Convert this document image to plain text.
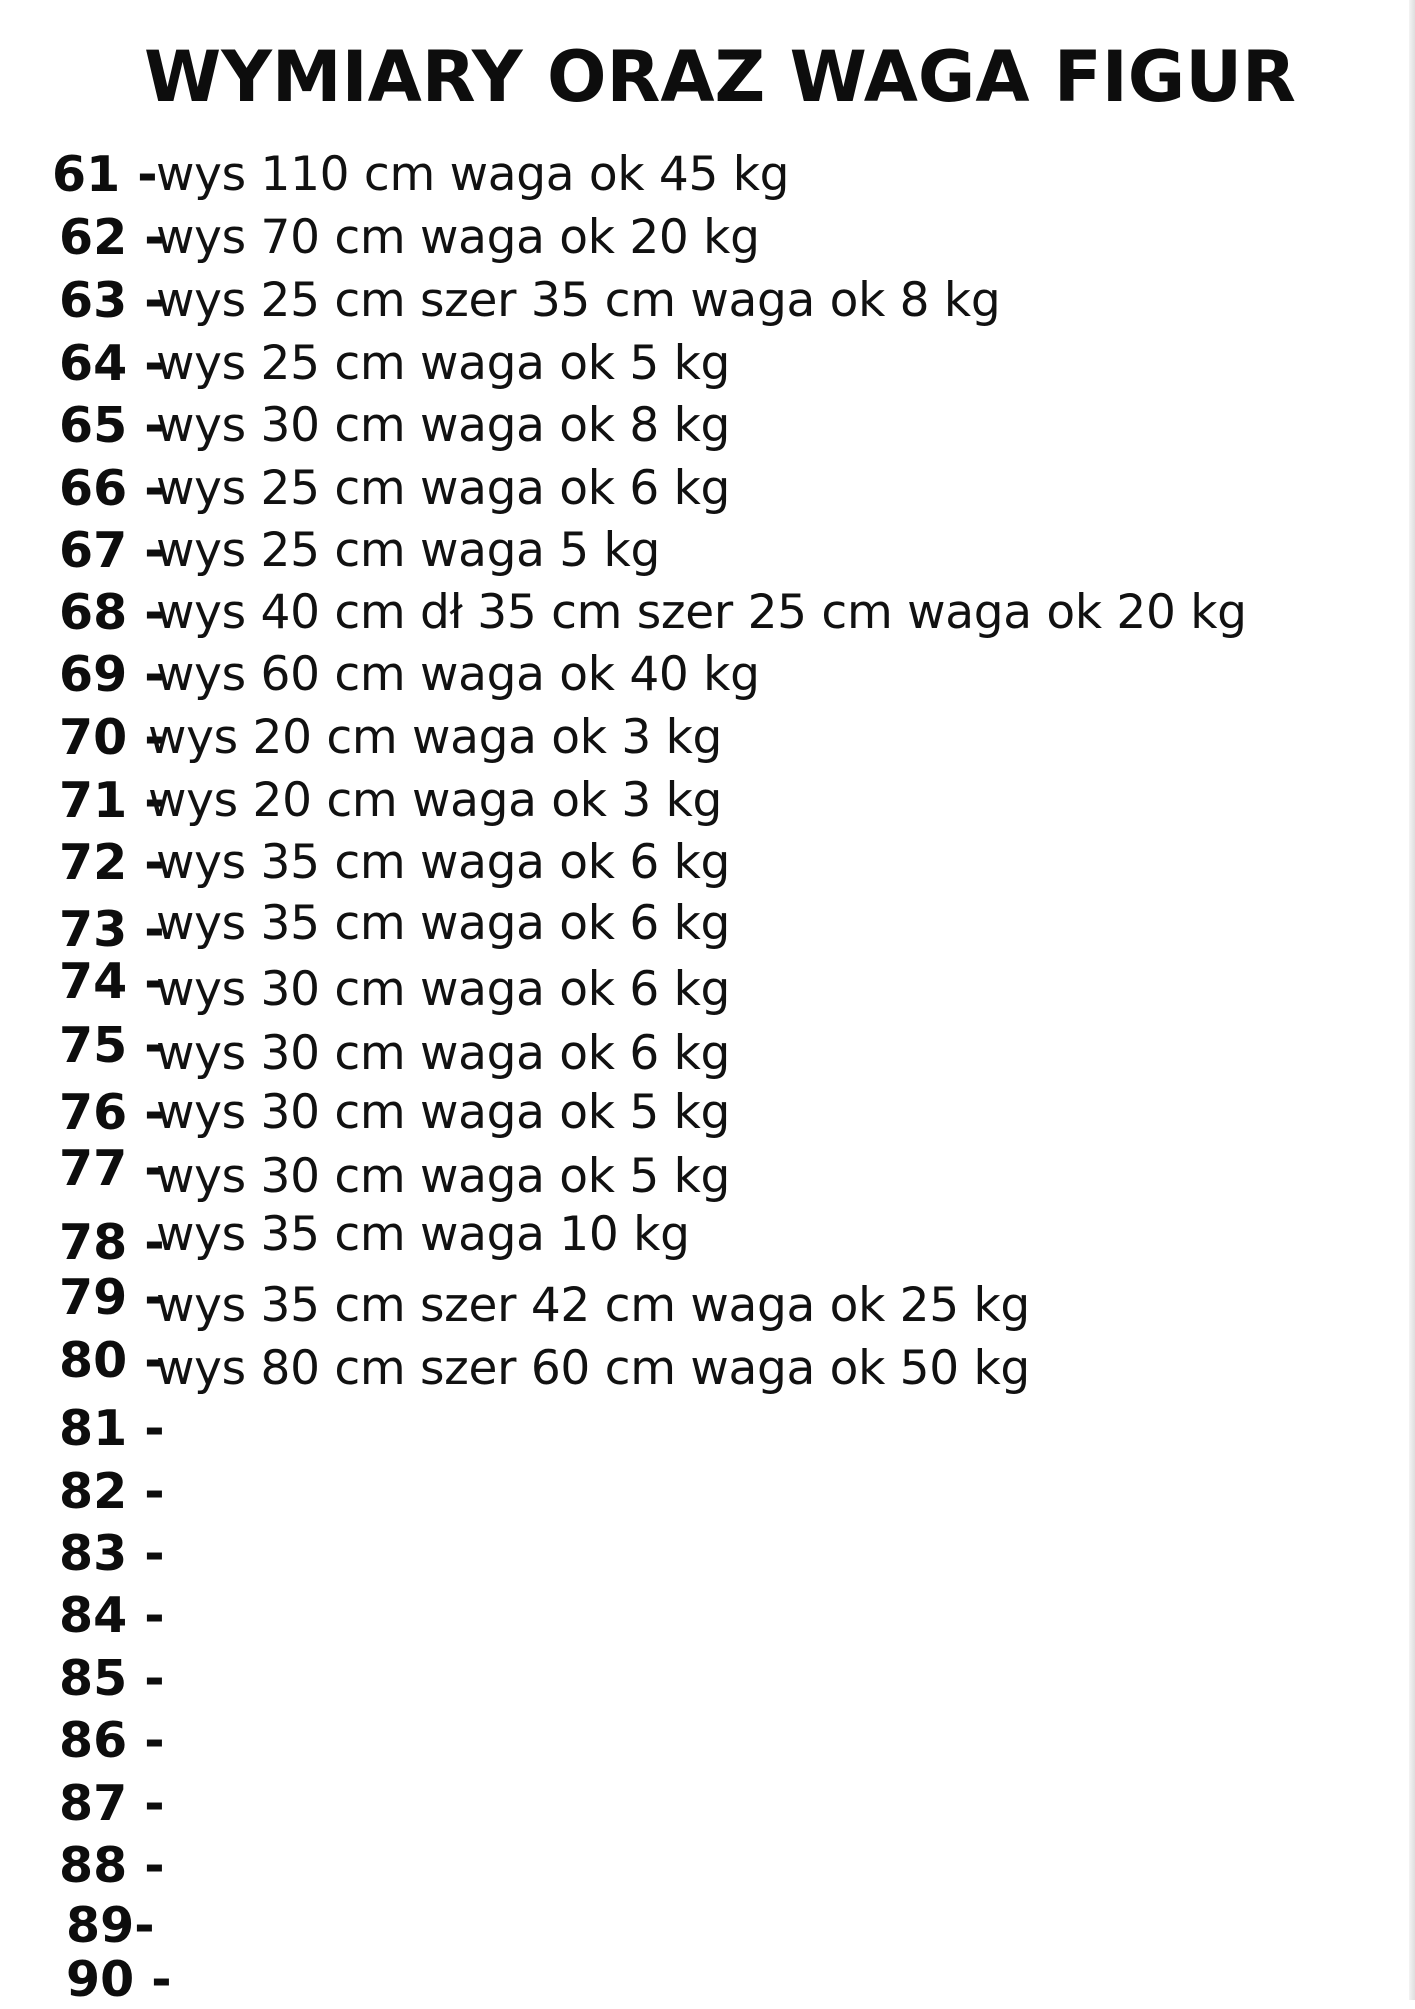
WYMIARY ORAZ WAGA FIGUR
61 -
wys 110 cm waga ok 45 kg
62 -
wys 70 cm waga ok 20 kg
63 -
wys 25 cm szer 35 cm waga ok 8 kg
64 -
wys 25 cm waga ok 5 kg
65 -
wys 30 cm waga ok 8 kg
66 -
wys 25 cm waga ok 6 kg
67 -
wys 25 cm waga 5 kg
68 -
wys 40 cm dł 35 cm szer 25 cm waga ok 20 kg
69 -
wys 60 cm waga ok 40 kg
70 -
wys 20 cm waga ok 3 kg
71 -
wys 20 cm waga ok 3 kg
72 -
wys 35 cm waga ok 6 kg
73 -
wys 35 cm waga ok 6 kg
74 -
wys 30 cm waga ok 6 kg
75 -
wys 30 cm waga ok 6 kg
76 -
wys 30 cm waga ok 5 kg
77 -
wys 30 cm waga ok 5 kg
78 -
wys 35 cm waga 10 kg
79 -
wys 35 cm szer 42 cm waga ok 25 kg
80 -
wys 80 cm szer 60 cm waga ok 50 kg
81 -
82 -
83 -
84 -
85 -
86 -
87 -
88 -
89-
90 -
